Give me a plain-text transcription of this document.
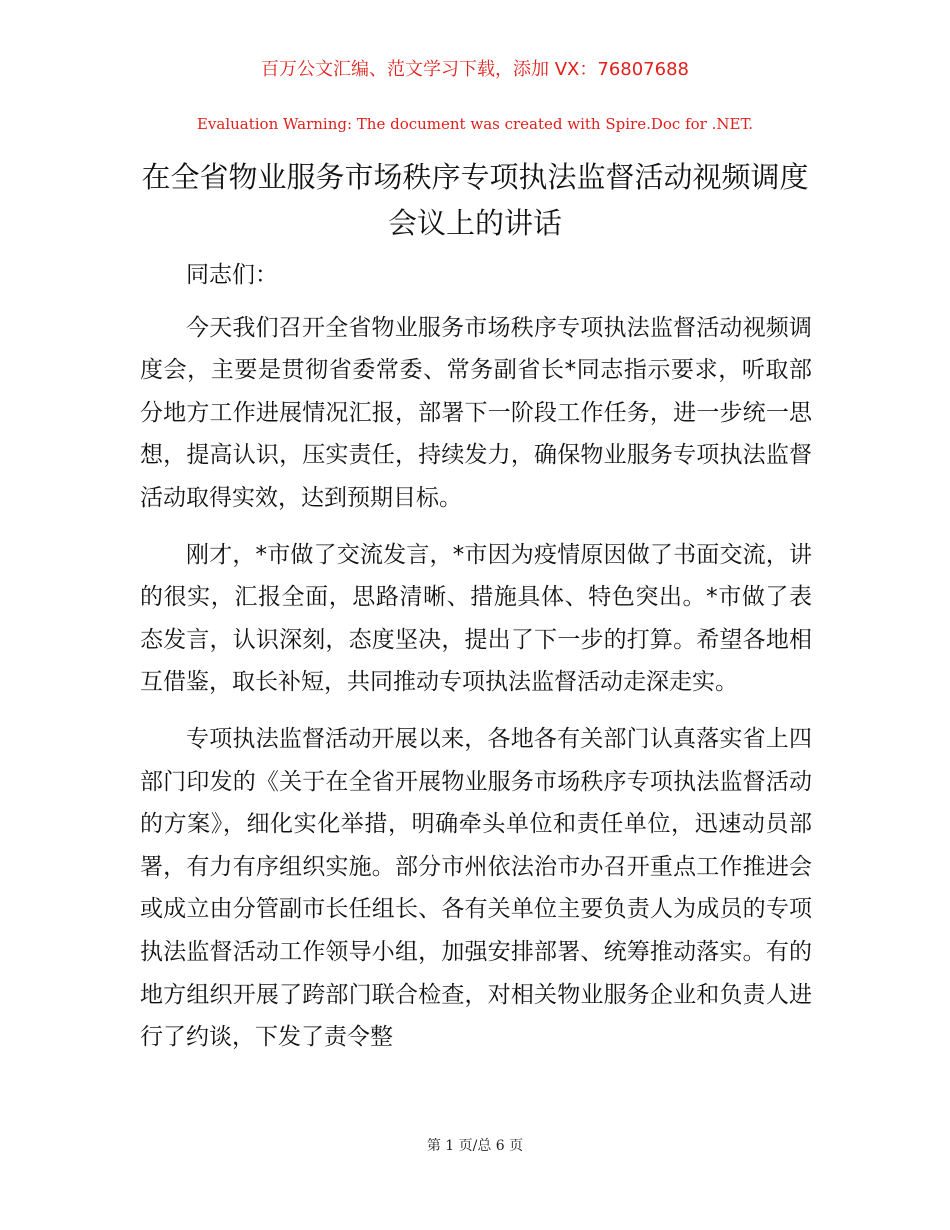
百万公文汇编、范文学习下载，添加 VX：76807688
Evaluation Warning: The document was created with Spire.Doc for .NET.
在全省物业服务市场秩序专项执法监督活动视频调度会议上的讲话

同志们：

今天我们召开全省物业服务市场秩序专项执法监督活动视频调度会，主要是贯彻省委常委、常务副省长*同志指示要求，听取部分地方工作进展情况汇报，部署下一阶段工作任务，进一步统一思想，提高认识，压实责任，持续发力，确保物业服务专项执法监督活动取得实效，达到预期目标。

刚才，*市做了交流发言，*市因为疫情原因做了书面交流，讲的很实，汇报全面，思路清晰、措施具体、特色突出。*市做了表态发言，认识深刻，态度坚决，提出了下一步的打算。希望各地相互借鉴，取长补短，共同推动专项执法监督活动走深走实。

专项执法监督活动开展以来，各地各有关部门认真落实省上四部门印发的《关于在全省开展物业服务市场秩序专项执法监督活动的方案》，细化实化举措，明确牵头单位和责任单位，迅速动员部署，有力有序组织实施。部分市州依法治市办召开重点工作推进会或成立由分管副市长任组长、各有关单位主要负责人为成员的专项执法监督活动工作领导小组，加强安排部署、统筹推动落实。有的地方组织开展了跨部门联合检查，对相关物业服务企业和负责人进行了约谈，下发了责令整

第 1 页/总 6 页
